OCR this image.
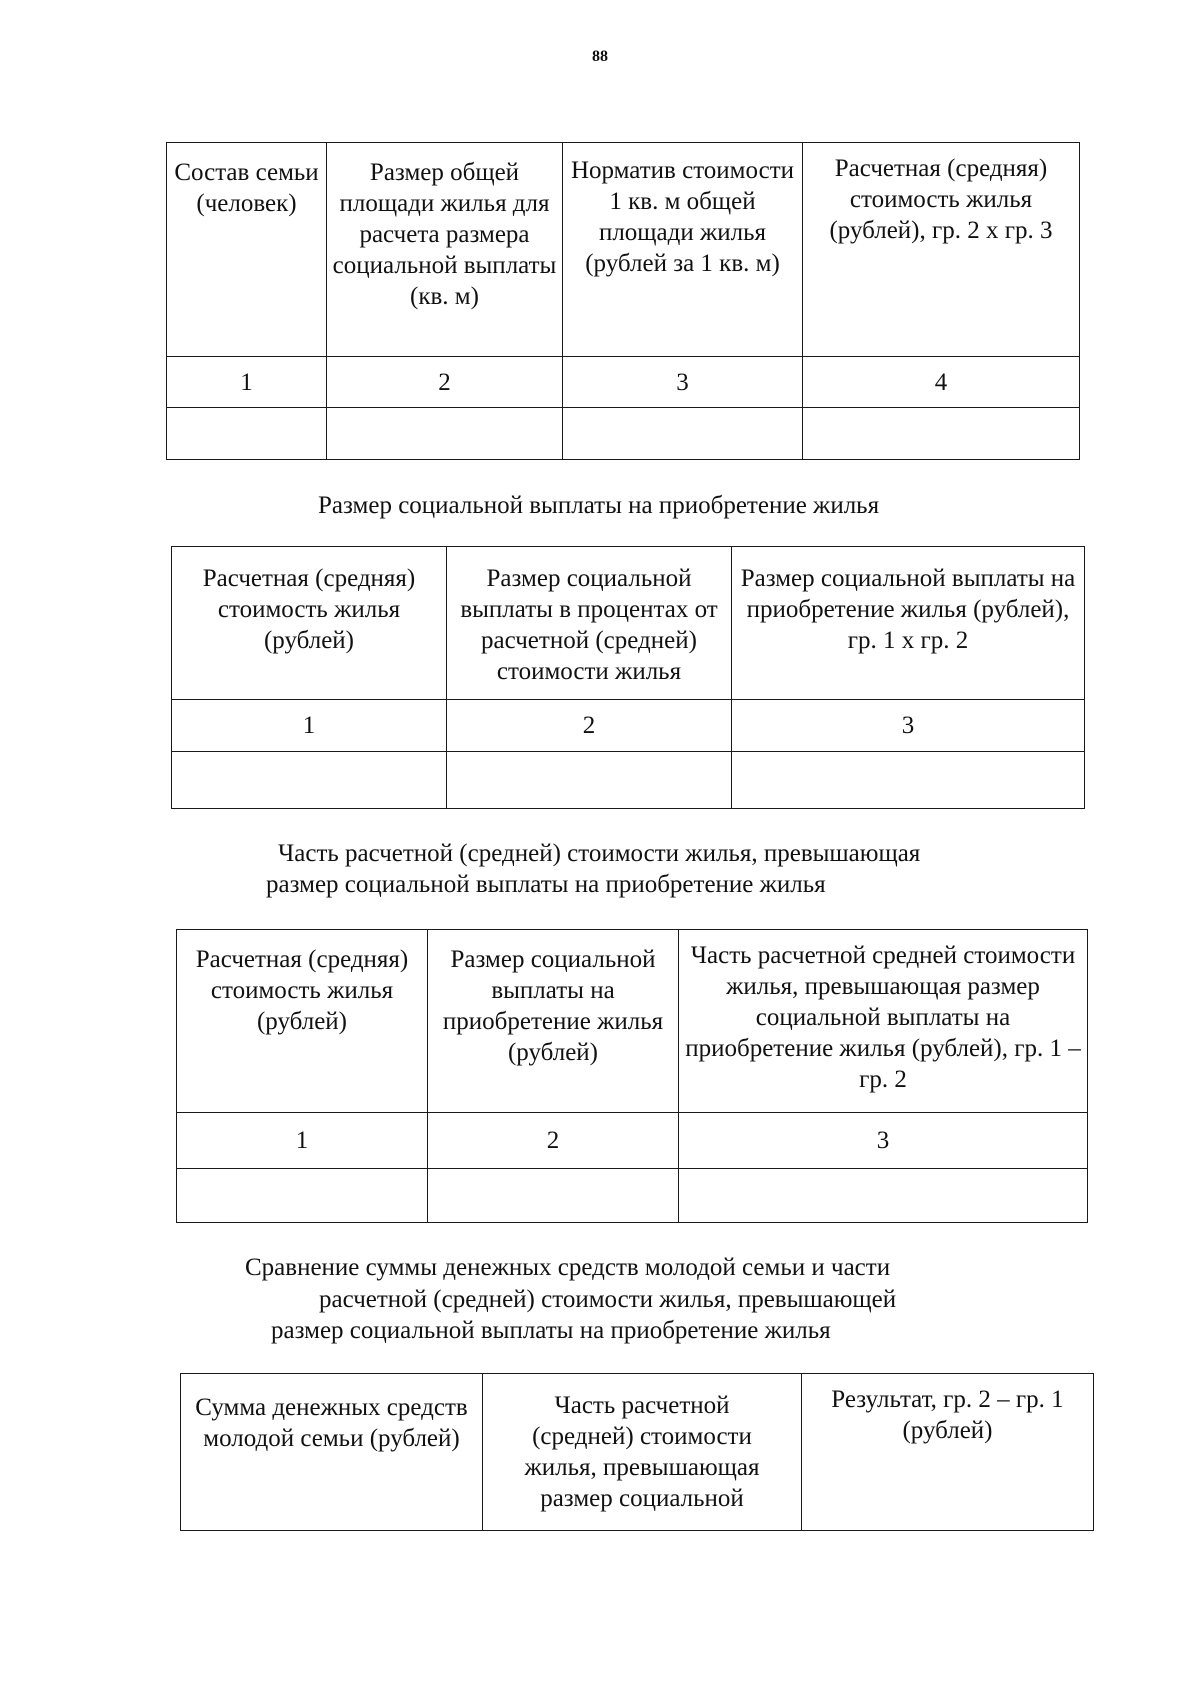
88
Состав семьи (человек)	Размер общей площади жилья для расчета размера социальной выплаты (кв. м)	Норматив стоимости 1 кв. м общей площади жилья (рублей за 1 кв. м)	Расчетная (средняя) стоимость жилья (рублей), гр. 2 х гр. 3
1	2	3	4

Размер социальной выплаты на приобретение жилья
Расчетная (средняя) стоимость жилья (рублей)	Размер социальной выплаты в процентах от расчетной (средней) стоимости жилья	Размер социальной выплаты на приобретение жилья (рублей), гр. 1 х гр. 2
1	2	3

Часть расчетной (средней) стоимости жилья, превышающая
размер социальной выплаты на приобретение жилья
Расчетная (средняя) стоимость жилья (рублей)	Размер социальной выплаты на приобретение жилья (рублей)	Часть расчетной средней стоимости жилья, превышающая размер социальной выплаты на приобретение жилья (рублей), гр. 1 – гр. 2
1	2	3

Сравнение суммы денежных средств молодой семьи и части
расчетной (средней) стоимости жилья, превышающей
размер социальной выплаты на приобретение жилья
Сумма денежных средств молодой семьи (рублей)	Часть расчетной (средней) стоимости жилья, превышающая размер социальной	Результат, гр. 2 – гр. 1 (рублей)
